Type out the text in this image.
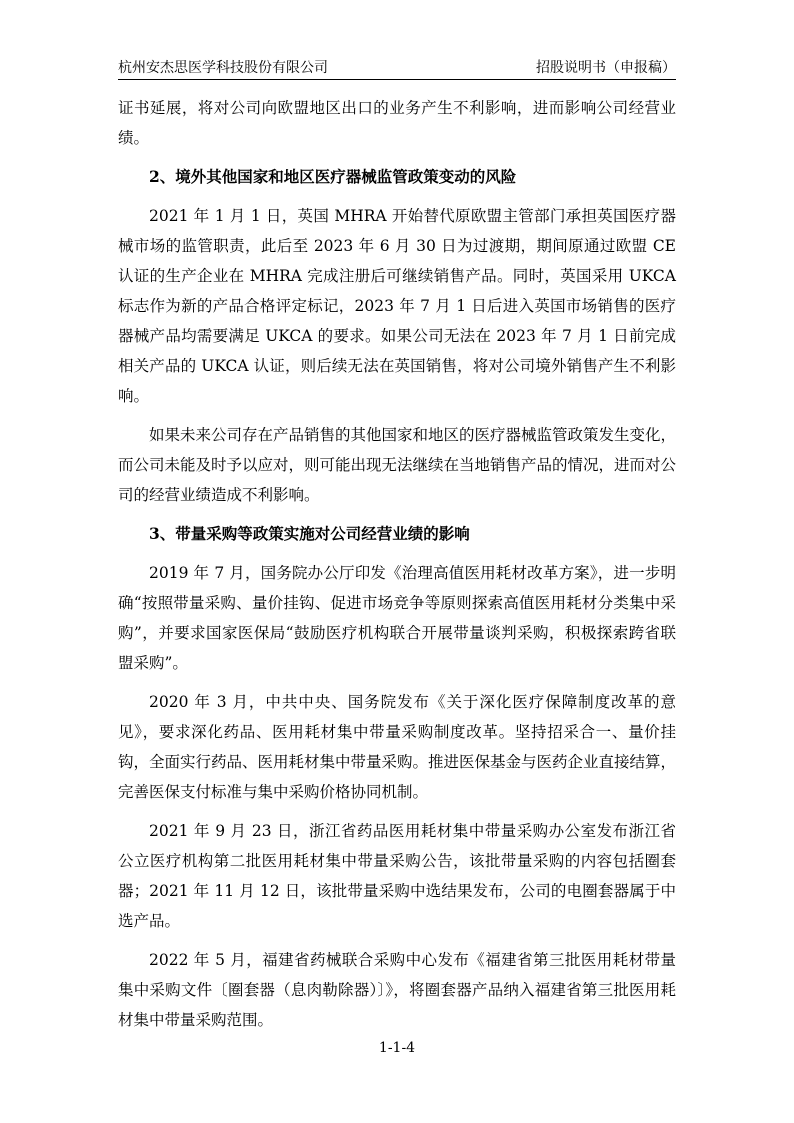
杭州安杰思医学科技股份有限公司	招股说明书（申报稿）

证书延展，将对公司向欧盟地区出口的业务产生不利影响，进而影响公司经营业绩。

2、境外其他国家和地区医疗器械监管政策变动的风险

2021 年 1 月 1 日，英国 MHRA 开始替代原欧盟主管部门承担英国医疗器械市场的监管职责，此后至 2023 年 6 月 30 日为过渡期，期间原通过欧盟 CE 认证的生产企业在 MHRA 完成注册后可继续销售产品。同时，英国采用 UKCA 标志作为新的产品合格评定标记，2023 年 7 月 1 日后进入英国市场销售的医疗器械产品均需要满足 UKCA 的要求。如果公司无法在 2023 年 7 月 1 日前完成相关产品的 UKCA 认证，则后续无法在英国销售，将对公司境外销售产生不利影响。

如果未来公司存在产品销售的其他国家和地区的医疗器械监管政策发生变化，而公司未能及时予以应对，则可能出现无法继续在当地销售产品的情况，进而对公司的经营业绩造成不利影响。

3、带量采购等政策实施对公司经营业绩的影响

2019 年 7 月，国务院办公厅印发《治理高值医用耗材改革方案》，进一步明确“按照带量采购、量价挂钩、促进市场竞争等原则探索高值医用耗材分类集中采购”，并要求国家医保局“鼓励医疗机构联合开展带量谈判采购，积极探索跨省联盟采购”。

2020 年 3 月，中共中央、国务院发布《关于深化医疗保障制度改革的意见》，要求深化药品、医用耗材集中带量采购制度改革。坚持招采合一、量价挂钩，全面实行药品、医用耗材集中带量采购。推进医保基金与医药企业直接结算，完善医保支付标准与集中采购价格协同机制。

2021 年 9 月 23 日，浙江省药品医用耗材集中带量采购办公室发布浙江省公立医疗机构第二批医用耗材集中带量采购公告，该批带量采购的内容包括圈套器；2021 年 11 月 12 日，该批带量采购中选结果发布，公司的电圈套器属于中选产品。

2022 年 5 月，福建省药械联合采购中心发布《福建省第三批医用耗材带量集中采购文件〔圈套器（息肉勒除器）〕》，将圈套器产品纳入福建省第三批医用耗材集中带量采购范围。

1-1-4
